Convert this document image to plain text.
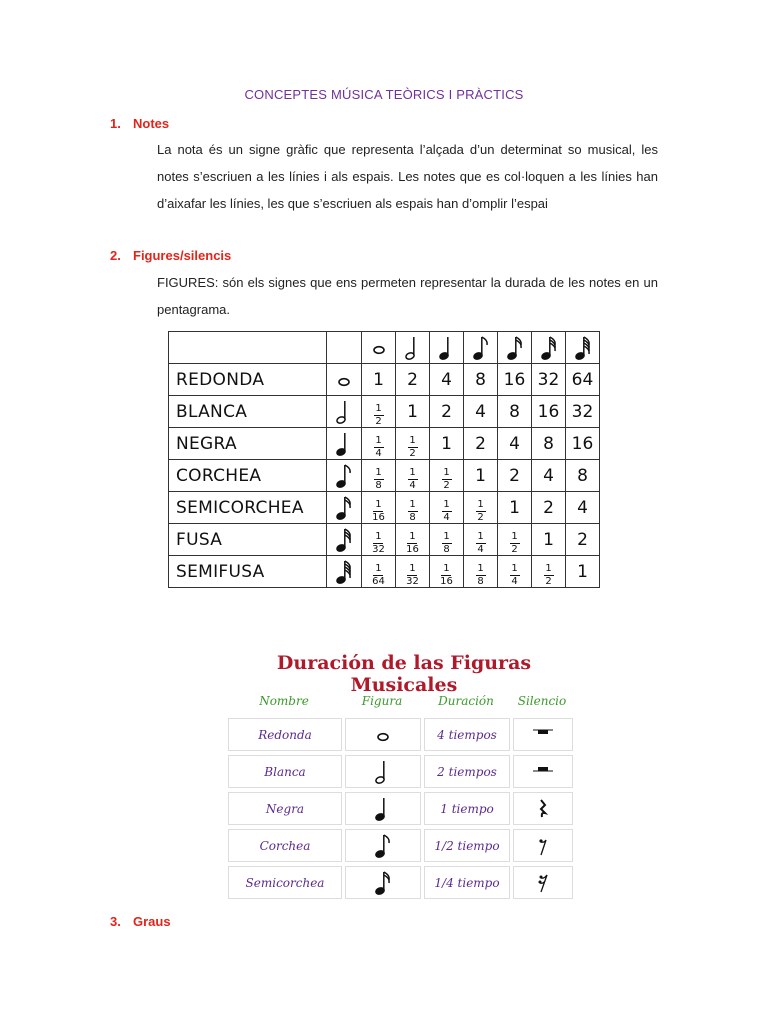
CONCEPTES MÚSICA TEÒRICS I PRÀCTICS
1. Notes
La nota és un signe gràfic que representa l’alçada d’un determinat so musical, les notes s’escriuen a les línies i als espais. Les notes que es col·loquen a les línies han d’aixafar les línies, les que s’escriuen als espais han d’omplir l’espai
2. Figures/silencis
FIGURES: són els signes que ens permeten representar la durada de les notes en un pentagrama.

REDONDA		1	2	4	8	16	32	64
BLANCA		$\frac{1}{2}$	1	2	4	8	16	32
NEGRA		$\frac{1}{4}$	$\frac{1}{2}$	1	2	4	8	16
CORCHEA		$\frac{1}{8}$	$\frac{1}{4}$	$\frac{1}{2}$	1	2	4	8
SEMICORCHEA		$\frac{1}{16}$	$\frac{1}{8}$	$\frac{1}{4}$	$\frac{1}{2}$	1	2	4
FUSA		$\frac{1}{32}$	$\frac{1}{16}$	$\frac{1}{8}$	$\frac{1}{4}$	$\frac{1}{2}$	1	2
SEMIFUSA		$\frac{1}{64}$	$\frac{1}{32}$	$\frac{1}{16}$	$\frac{1}{8}$	$\frac{1}{4}$	$\frac{1}{2}$	1
Duración de las Figuras Musicales
Nombre	Figura	Duración	Silencio
Redonda		4 tiempos	

Blanca		2 tiempos	

Negra		1 tiempo	

Corchea		1/2 tiempo	

Semicorchea		1/4 tiempo	
3. Graus
